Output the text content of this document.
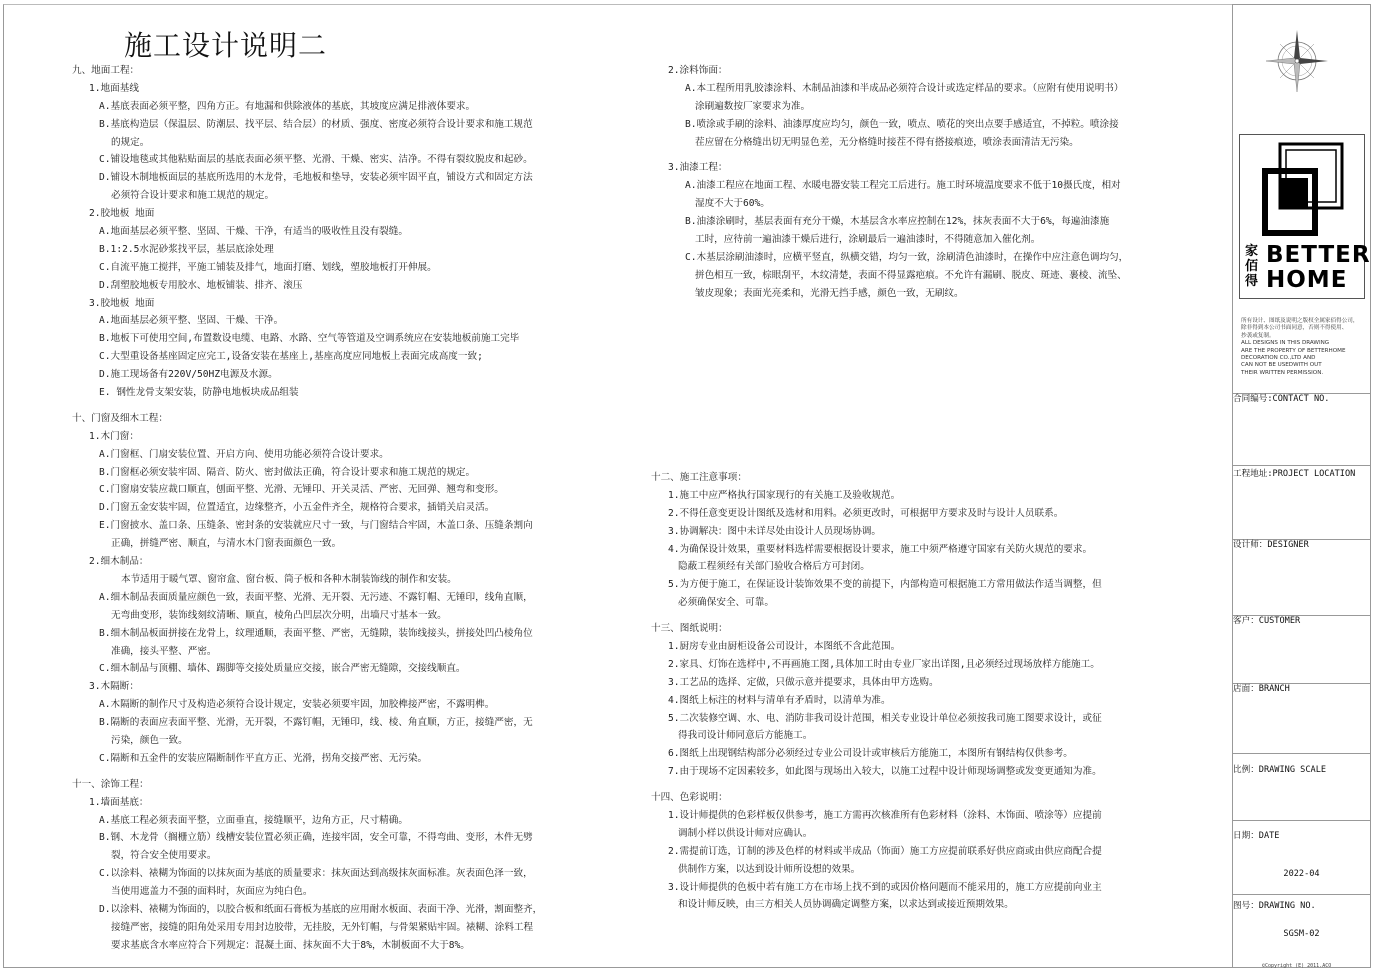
施工设计说明二
九、地面工程：
1.地面基线
A.基底表面必须平整，四角方正。有地漏和供除液体的基底，其坡度应满足排液体要求。
B.基底构造层（保温层、防潮层、找平层、结合层）的材质、强度、密度必须符合设计要求和施工规范
的规定。
C.铺设地毯或其他粘贴面层的基底表面必须平整、光滑、干燥、密实、洁净。不得有裂纹脱皮和起砂。
D.铺设木制地板面层的基底所选用的木龙骨，毛地板和垫导，安装必须牢固平直，铺设方式和固定方法
必须符合设计要求和施工规范的规定。
2.胶地板 地面
A.地面基层必须平整、坚固、干燥、干净，有适当的吸收性且没有裂缝。
B.1:2.5水泥砂浆找平层，基层底涂处理
C.自流平施工搅拌，平施工铺装及排气，地面打磨、划线，塑胶地板打开伸展。
D.刮塑胶地板专用胶水、地板铺装、排齐、滚压
3.胶地板 地面
A.地面基层必须平整、坚固、干燥、干净。
B.地板下可使用空间,布置数设电缆、电路、水路、空气等管道及空调系统应在安装地板前施工完毕
C.大型重设备基座固定应完工,设备安装在基座上,基座高度应同地板上表面完成高度一致;
D.施工现场备有220V/50HZ电源及水源。
E. 钢性龙骨支架安装，防静电地板块成品组装
十、门窗及细木工程：
1.木门窗：
A.门窗框、门扇安装位置、开启方向、使用功能必须符合设计要求。
B.门窗框必须安装牢固、隔音、防火、密封做法正确，符合设计要求和施工规范的规定。
C.门窗扇安装应裁口顺直，刨面平整、光滑、无锤印、开关灵活、严密、无回弹、翘弯和变形。
D.门窗五金安装牢固，位置适宜，边缘整齐，小五金件齐全，规格符合要求，插销关启灵活。
E.门窗披水、盖口条、压缝条、密封条的安装就应尺寸一致，与门窗结合牢固，木盖口条、压缝条割向
正确，拼缝严密、顺直，与清水木门窗表面颜色一致。
2.细木制品：
本节适用于暖气罩、窗帘盒、窗台板、筒子板和各种木制装饰线的制作和安装。
A.细木制品表面质量应颜色一致，表面平整、光滑、无开裂、无污迹、不露钉帽、无锤印，线角直顺，
无弯曲变形，装饰线刻纹清晰、顺直，棱角凸凹层次分明，出墙尺寸基本一致。
B.细木制品板面拼接在龙骨上，纹理通顺，表面平整、严密，无缝隙，装饰线接头，拼接处凹凸棱角位
准确，接头平整、严密。
C.细木制品与顶棚、墙体、踢脚等交接处质量应交接，嵌合严密无缝隙，交接线顺直。
3.木隔断：
A.木隔断的制作尺寸及构造必须符合设计规定，安装必须要牢固，加胶榫接严密，不露明榫。
B.隔断的表面应表面平整、光滑，无开裂，不露钉帽，无锤印，线、棱、角直顺，方正，接缝严密，无
污染，颜色一致。
C.隔断和五金件的安装应隔断制作平直方正、光滑，拐角交接严密、无污染。
十一、涂饰工程：
1.墙面基底：
A.基底工程必须表面平整，立面垂直，接缝顺平，边角方正，尺寸精确。
B.钢、木龙骨（搁栅立筋）线槽安装位置必须正确，连接牢固，安全可靠，不得弯曲、变形，木件无劈
裂，符合安全使用要求。
C.以涂料、裱糊为饰面的以抹灰面为基底的质量要求：抹灰面达到高级抹灰面标准。灰表面色泽一致，
当使用遮盖力不强的面料时，灰面应为纯白色。
D.以涂料、裱糊为饰面的，以胶合板和纸面石膏板为基底的应用耐水板面、表面干净、光滑，割面整齐，
接缝严密，接缝的阳角处采用专用封边胶带，无挂胶，无外钉帽，与骨架紧贴牢固。裱糊、涂料工程
要求基底含水率应符合下列规定：混凝土面、抹灰面不大于8%，木制板面不大于8%。
2.涂料饰面：
A.本工程所用乳胶漆涂料、木制品油漆和半成品必须符合设计或选定样品的要求。（应附有使用说明书）
涂刷遍数按厂家要求为准。
B.喷涂或手刷的涂料、油漆厚度应均匀，颜色一致，喷点、喷花的突出点要手感适宜，不掉粒。喷涂接
茬应留在分格缝出切无明显色差，无分格缝时接茬不得有搭接痕迹，喷涂表面清洁无污染。
3.油漆工程：
A.油漆工程应在地面工程、水暖电器安装工程完工后进行。施工时环境温度要求不低于10摄氏度，相对
湿度不大于60%。
B.油漆涂刷时，基层表面有充分干燥，木基层含水率应控制在12%，抹灰表面不大于6%，每遍油漆施
工时，应待前一遍油漆干燥后进行，涂刷最后一遍油漆时，不得随意加入催化剂。
C.木基层涂刷油漆时，应横平竖直，纵横交错，均匀一致，涂刷清色油漆时，在操作中应注意色调均匀，
拼色相互一致，棕眼刮平，木纹清楚，表面不得显露疤痕。不允许有漏刷、脱皮、斑迹、裹棱、流坠、
皱皮现象；表面光亮柔和，光滑无挡手感，颜色一致，无刷纹。
十二、施工注意事项：
1.施工中应严格执行国家现行的有关施工及验收规范。
2.不得任意变更设计图纸及选材和用料。必须更改时，可根据甲方要求及时与设计人员联系。
3.协调解决：图中未详尽处由设计人员现场协调。
4.为确保设计效果，重要材料选样需要根据设计要求，施工中须严格遵守国家有关防火规范的要求。
隐蔽工程须经有关部门验收合格后方可封闭。
5.为方便于施工，在保证设计装饰效果不变的前提下，内部构造可根据施工方常用做法作适当调整，但
必须确保安全、可靠。
十三、图纸说明：
1.厨房专业由厨柜设备公司设计，本图纸不含此范围。
2.家具、灯饰在选样中,不再画施工图,具体加工时由专业厂家出详图,且必须经过现场放样方能施工。
3.工艺品的选择、定做，只做示意并提要求，具体由甲方选购。
4.图纸上标注的材料与清单有矛盾时，以清单为准。
5.二次装修空调、水、电、消防非我司设计范围，相关专业设计单位必须按我司施工图要求设计，或征
得我司设计师同意后方能施工。
6.图纸上出现钢结构部分必须经过专业公司设计或审核后方能施工，本图所有钢结构仅供参考。
7.由于现场不定因素较多，如此图与现场出入较大，以施工过程中设计师现场调整或发变更通知为准。
十四、色彩说明：
1.设计师提供的色彩样板仅供参考，施工方需再次核准所有色彩材料（涂料、木饰面、喷涂等）应提前
调制小样以供设计师对应确认。
2.需提前订选，订制的涉及色样的材料或半成品（饰面）施工方应提前联系好供应商或由供应商配合提
供制作方案，以达到设计师所设想的效果。
3.设计师提供的色板中若有施工方在市场上找不到的或因价格问题而不能采用的，施工方应提前向业主
和设计师反映，由三方相关人员协调确定调整方案，以求达到或接近预期效果。
家佰得
BETTER
HOME
所有设计、图纸及说明之版权全属家佰得公司，
除非得到本公司书面同意，否则不得使用、
抄袭或复制。
ALL DESIGNS IN THIS DRAWING
ARE THE PROPERTY OF BETTERHOME
DECORATION CO.,LTD AND
CAN NOT BE USEDWITH OUT
THEIR WRITTEN PERMISSION.
合同编号:CONTACT NO.
工程地址:PROJECT LOCATION
设计师：DESIGNER
客户：CUSTOMER
店面：BRANCH
比例：DRAWING SCALE
日期：DATE
2022-04
图号：DRAWING NO.
SGSM-02
©Copyright (E) 2011.ACO
